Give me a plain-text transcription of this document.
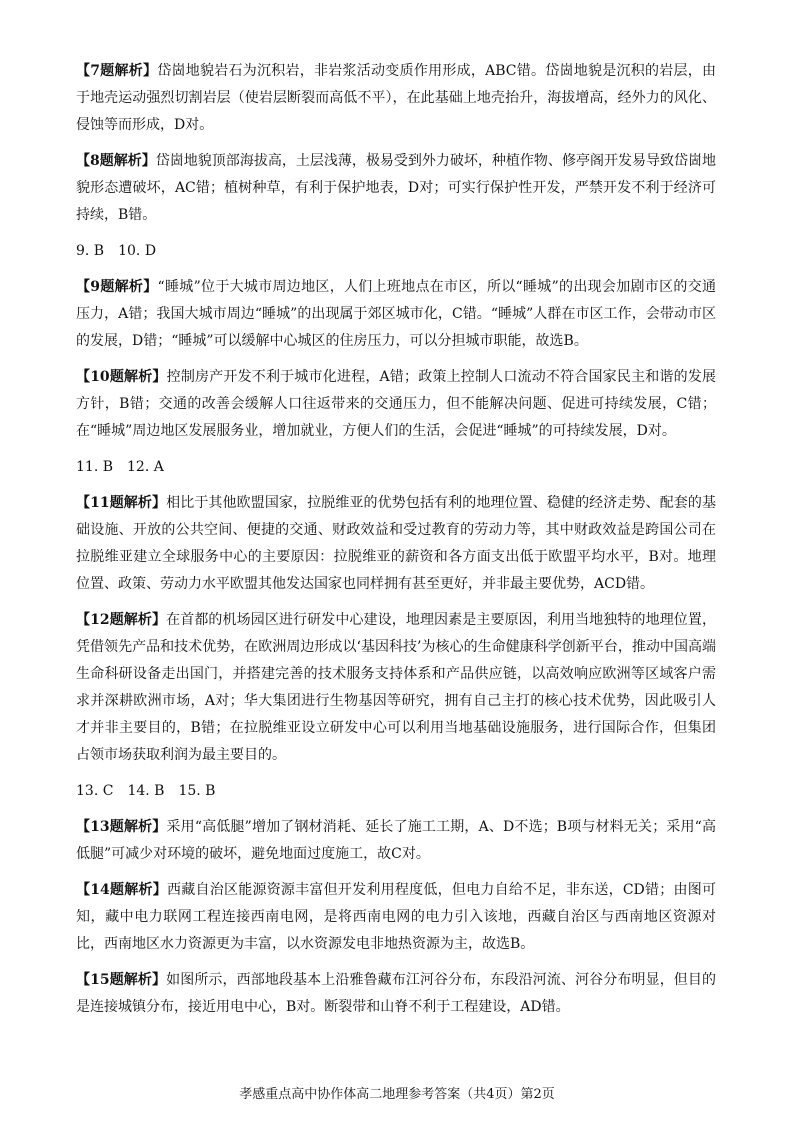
【7题解析】岱崮地貌岩石为沉积岩，非岩浆活动变质作用形成，ABC错。岱崮地貌是沉积的岩层，由于地壳运动强烈切割岩层（使岩层断裂而高低不平），在此基础上地壳抬升，海拔增高，经外力的风化、侵蚀等而形成，D对。

【8题解析】岱崮地貌顶部海拔高，土层浅薄，极易受到外力破坏，种植作物、修亭阁开发易导致岱崮地貌形态遭破坏，AC错；植树种草，有利于保护地表，D对；可实行保护性开发，严禁开发不利于经济可持续，B错。

9. B 10. D

【9题解析】“睡城”位于大城市周边地区，人们上班地点在市区，所以“睡城”的出现会加剧市区的交通压力，A错；我国大城市周边“睡城”的出现属于郊区城市化，C错。“睡城”人群在市区工作，会带动市区的发展，D错；“睡城”可以缓解中心城区的住房压力，可以分担城市职能，故选B。

【10题解析】控制房产开发不利于城市化进程，A错；政策上控制人口流动不符合国家民主和谐的发展方针，B错；交通的改善会缓解人口往返带来的交通压力，但不能解决问题、促进可持续发展，C错；在“睡城”周边地区发展服务业，增加就业，方便人们的生活，会促进“睡城”的可持续发展，D对。

11. B 12. A

【11题解析】相比于其他欧盟国家，拉脱维亚的优势包括有利的地理位置、稳健的经济走势、配套的基础设施、开放的公共空间、便捷的交通、财政效益和受过教育的劳动力等，其中财政效益是跨国公司在拉脱维亚建立全球服务中心的主要原因：拉脱维亚的薪资和各方面支出低于欧盟平均水平，B对。地理位置、政策、劳动力水平欧盟其他发达国家也同样拥有甚至更好，并非最主要优势，ACD错。

【12题解析】在首都的机场园区进行研发中心建设，地理因素是主要原因，利用当地独特的地理位置，凭借领先产品和技术优势，在欧洲周边形成以‘基因科技’为核心的生命健康科学创新平台，推动中国高端生命科研设备走出国门，并搭建完善的技术服务支持体系和产品供应链，以高效响应欧洲等区域客户需求并深耕欧洲市场，A对；华大集团进行生物基因等研究，拥有自己主打的核心技术优势，因此吸引人才并非主要目的，B错；在拉脱维亚设立研发中心可以利用当地基础设施服务，进行国际合作，但集团占领市场获取利润为最主要目的。

13. C 14. B 15. B

【13题解析】采用“高低腿”增加了钢材消耗、延长了施工工期，A、D不选；B项与材料无关；采用“高低腿”可减少对环境的破坏，避免地面过度施工，故C对。

【14题解析】西藏自治区能源资源丰富但开发利用程度低，但电力自给不足，非东送，CD错；由图可知，藏中电力联网工程连接西南电网，是将西南电网的电力引入该地，西藏自治区与西南地区资源对比，西南地区水力资源更为丰富，以水资源发电非地热资源为主，故选B。

【15题解析】如图所示，西部地段基本上沿雅鲁藏布江河谷分布，东段沿河流、河谷分布明显，但目的是连接城镇分布，接近用电中心，B对。断裂带和山脊不利于工程建设，AD错。

孝感重点高中协作体高二地理参考答案（共4页）第2页
